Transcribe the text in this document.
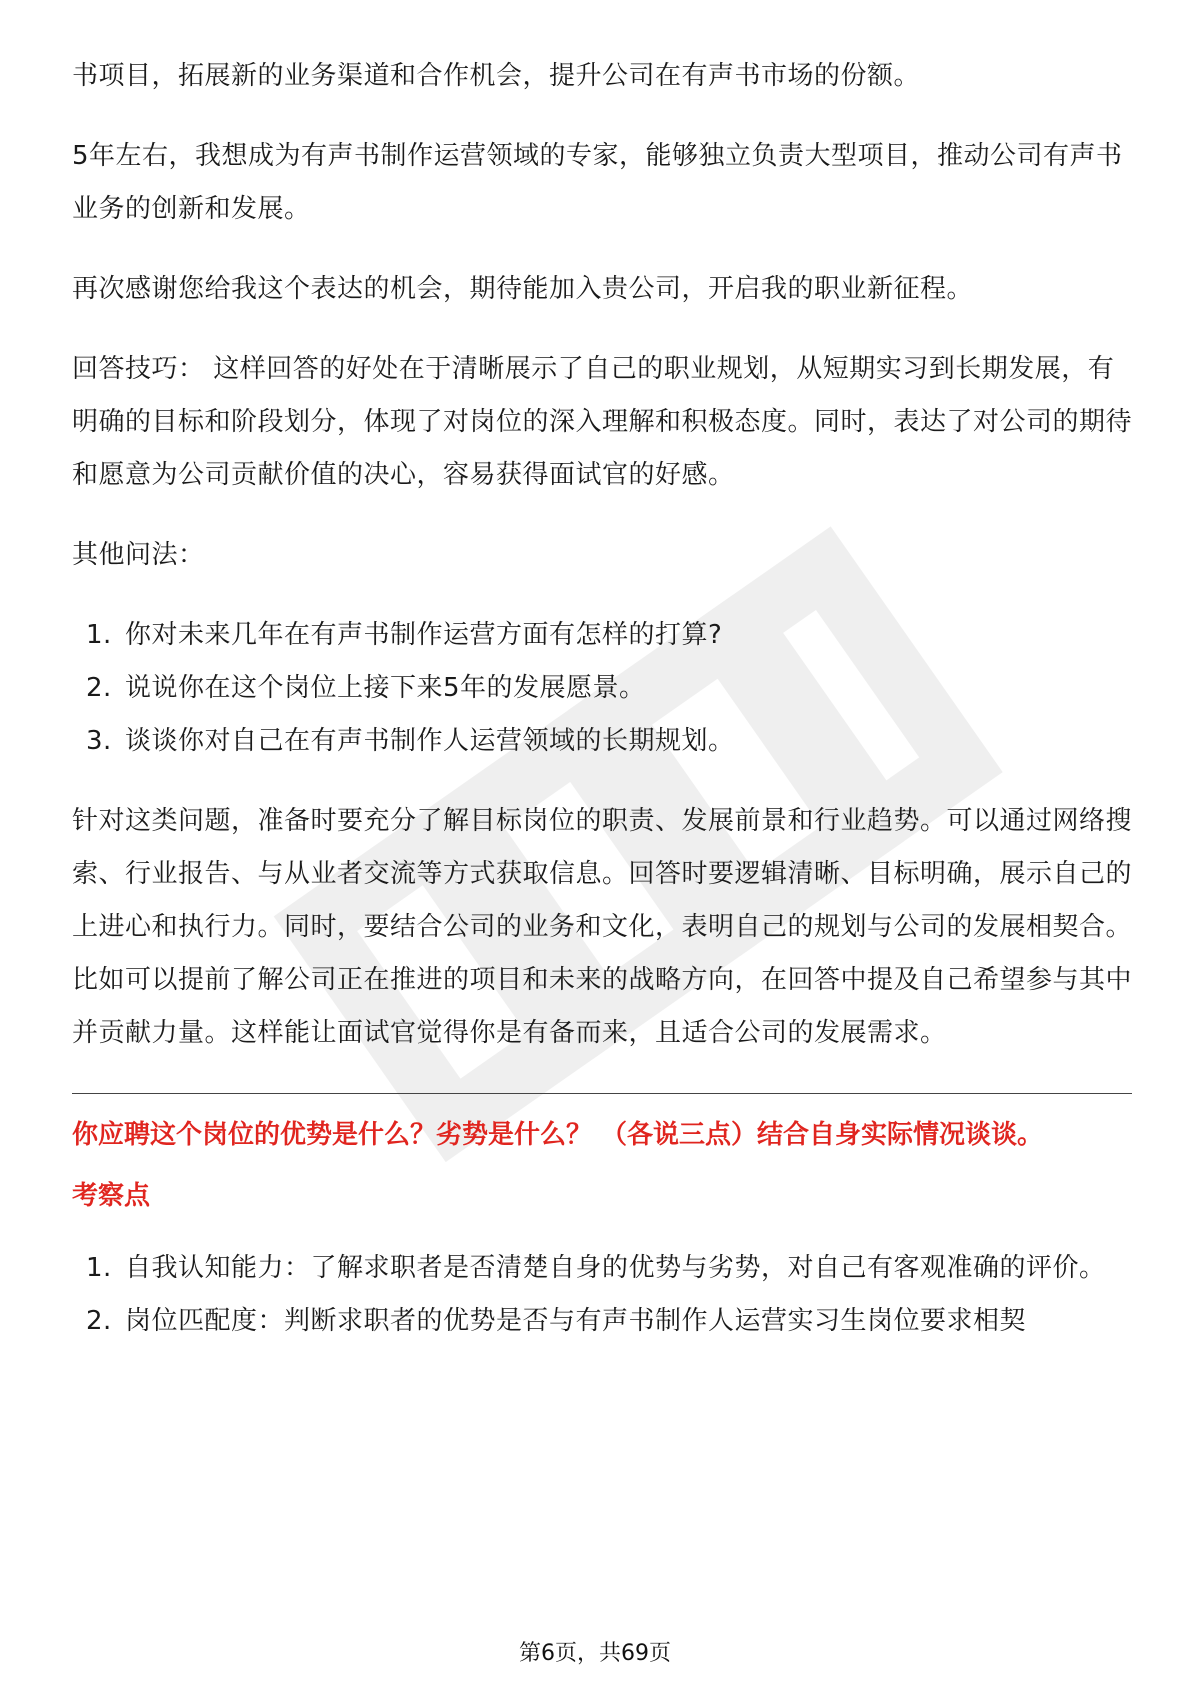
书项目，拓展新的业务渠道和合作机会，提升公司在有声书市场的份额。

5年左右，我想成为有声书制作运营领域的专家，能够独立负责大型项目，推动公司有声书业务的创新和发展。

再次感谢您给我这个表达的机会，期待能加入贵公司，开启我的职业新征程。

回答技巧： 这样回答的好处在于清晰展示了自己的职业规划，从短期实习到长期发展，有明确的目标和阶段划分，体现了对岗位的深入理解和积极态度。同时，表达了对公司的期待和愿意为公司贡献价值的决心，容易获得面试官的好感。

其他问法：

1. 你对未来几年在有声书制作运营方面有怎样的打算?
2. 说说你在这个岗位上接下来5年的发展愿景。
3. 谈谈你对自己在有声书制作人运营领域的长期规划。

针对这类问题，准备时要充分了解目标岗位的职责、发展前景和行业趋势。可以通过网络搜索、行业报告、与从业者交流等方式获取信息。回答时要逻辑清晰、目标明确，展示自己的上进心和执行力。同时，要结合公司的业务和文化，表明自己的规划与公司的发展相契合。比如可以提前了解公司正在推进的项目和未来的战略方向，在回答中提及自己希望参与其中并贡献力量。这样能让面试官觉得你是有备而来，且适合公司的发展需求。

你应聘这个岗位的优势是什么？劣势是什么？ （各说三点）结合自身实际情况谈谈。
考察点
1. 自我认知能力：了解求职者是否清楚自身的优势与劣势，对自己有客观准确的评价。
2. 岗位匹配度：判断求职者的优势是否与有声书制作人运营实习生岗位要求相契
第6页，共69页
